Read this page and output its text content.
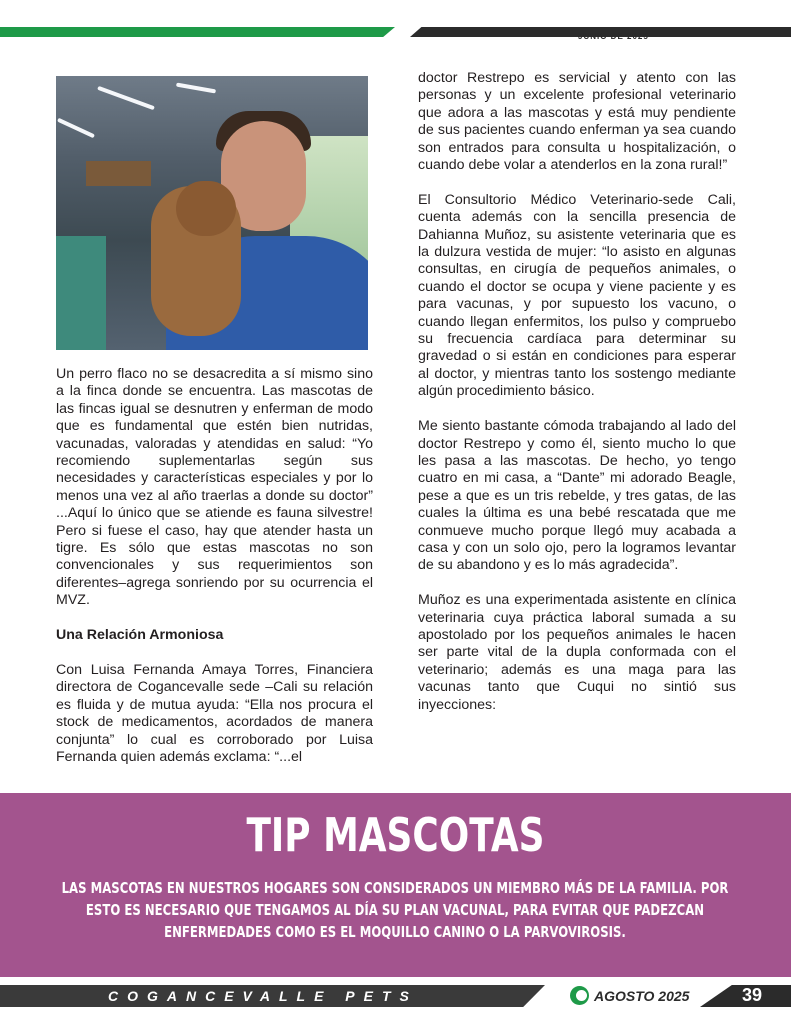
JUNIO DE 2025

Un perro flaco no se desacredita a sí mismo sino a la finca donde se encuentra. Las mascotas de las fincas igual se desnutren y enferman de modo que es fundamental que estén bien nutridas, vacunadas, valoradas y atendidas en salud: “Yo recomiendo suplementarlas según sus necesidades y características especiales y por lo menos una vez al año traerlas a donde su doctor” ...Aquí lo único que se atiende es fauna silvestre! Pero si fuese el caso, hay que atender hasta un tigre. Es sólo que estas mascotas no son convencionales y sus requerimientos son diferentes–agrega sonriendo por su ocurrencia el MVZ.

Una Relación Armoniosa

Con Luisa Fernanda Amaya Torres, Financiera directora de Cogancevalle sede –Cali su relación es fluida y de mutua ayuda: “Ella nos procura el stock de medicamentos, acordados de manera conjunta” lo cual es corroborado por Luisa Fernanda quien además exclama: “...el

doctor Restrepo es servicial y atento con las personas y un excelente profesional veterinario que adora a las mascotas y está muy pendiente de sus pacientes cuando enferman ya sea cuando son entrados para consulta u hospitalización, o cuando debe volar a atenderlos en la zona rural!”

El Consultorio Médico Veterinario-sede Cali, cuenta además con la sencilla presencia de Dahianna Muñoz, su asistente veterinaria que es la dulzura vestida de mujer: “lo asisto en algunas consultas, en cirugía de pequeños animales, o cuando el doctor se ocupa y viene paciente y es para vacunas, y por supuesto los vacuno, o cuando llegan enfermitos, los pulso y compruebo su frecuencia cardíaca para determinar su gravedad o si están en condiciones para esperar al doctor, y mientras tanto los sostengo mediante algún procedimiento básico.

Me siento bastante cómoda trabajando al lado del doctor Restrepo y como él, siento mucho lo que les pasa a las mascotas. De hecho, yo tengo cuatro en mi casa, a “Dante” mi adorado Beagle, pese a que es un tris rebelde, y tres gatas, de las cuales la última es una bebé rescatada que me conmueve mucho porque llegó muy acabada a casa y con un solo ojo, pero la logramos levantar de su abandono y es lo más agradecida”.

Muñoz es una experimentada asistente en clínica veterinaria cuya práctica laboral sumada a su apostolado por los pequeños animales le hacen ser parte vital de la dupla conformada con el veterinario; además es una maga para las vacunas tanto que Cuqui no sintió sus inyecciones:

TIP MASCOTAS
LAS MASCOTAS EN NUESTROS HOGARES SON CONSIDERADOS UN MIEMBRO MÁS DE LA FAMILIA. POR ESTO ES NECESARIO QUE TENGAMOS AL DÍA SU PLAN VACUNAL, PARA EVITAR QUE PADEZCAN ENFERMEDADES COMO ES EL MOQUILLO CANINO O LA PARVOVIROSIS.
COGANCEVALLE PETS	AGOSTO 2025	39
